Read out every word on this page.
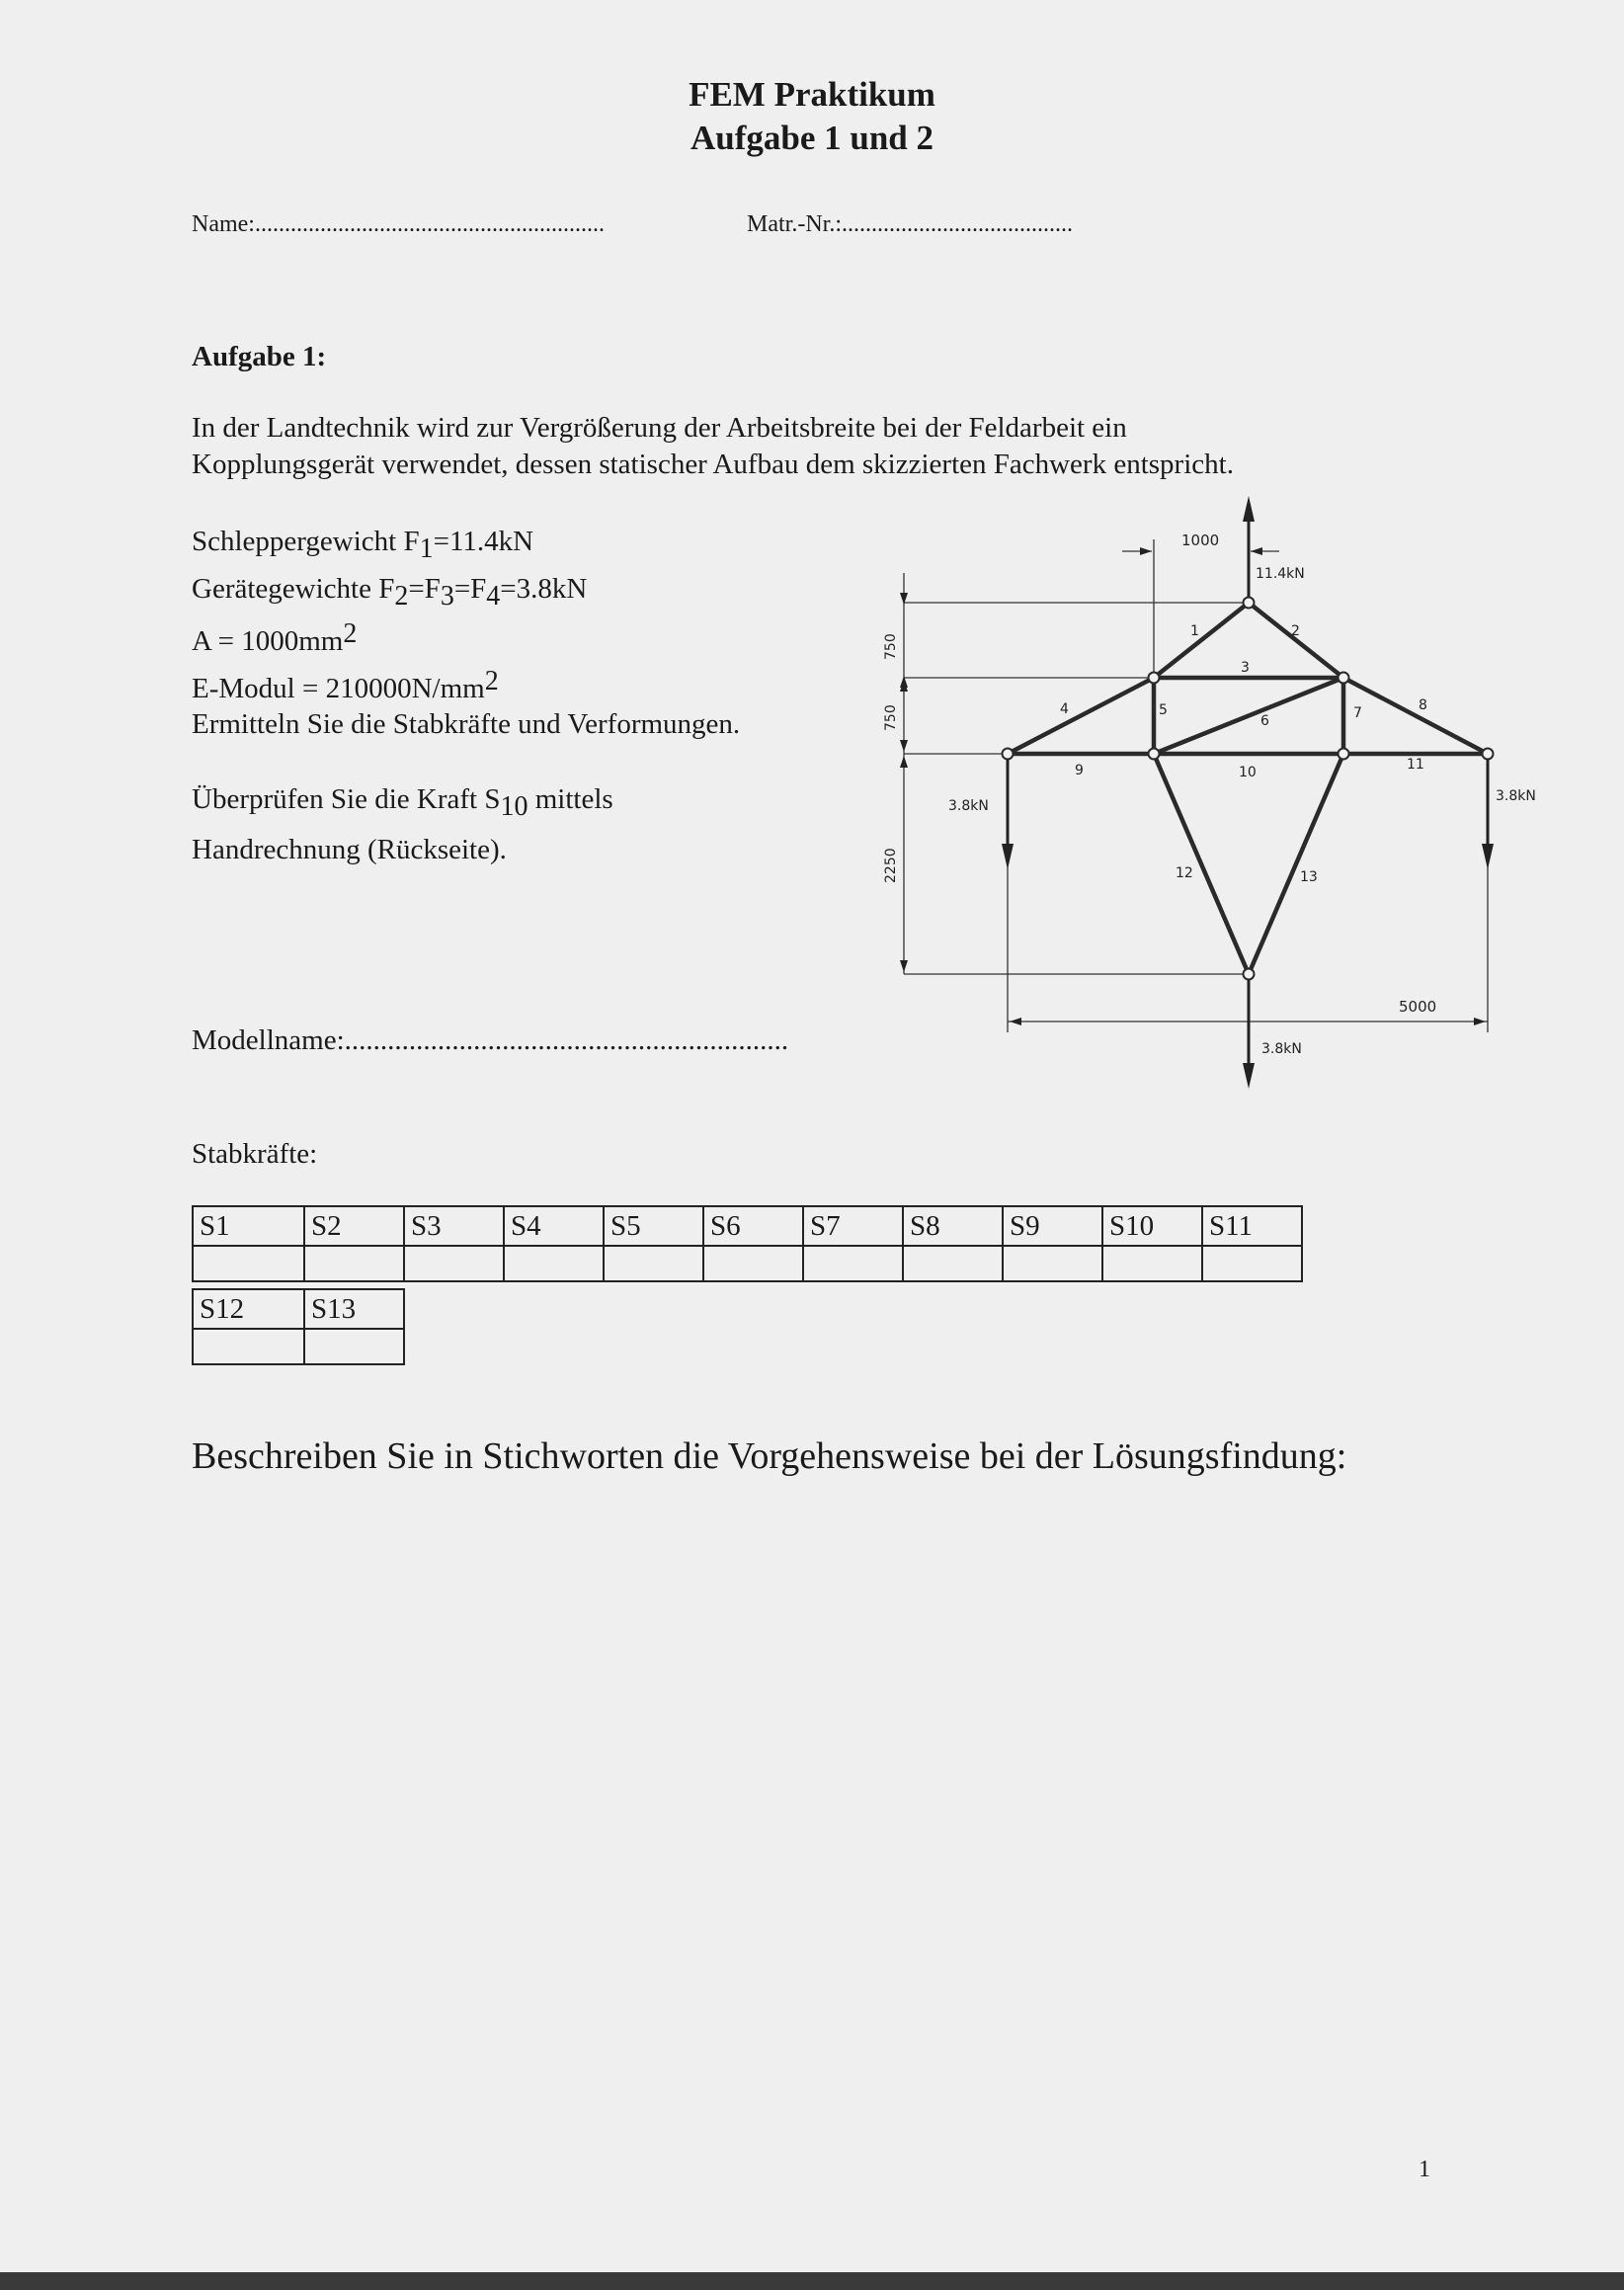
FEM Praktikum
Aufgabe 1 und 2
Name:...........................................................	Matr.-Nr.:.......................................
Aufgabe 1:
In der Landtechnik wird zur Vergrößerung der Arbeitsbreite bei der Feldarbeit ein Kopplungsgerät verwendet, dessen statischer Aufbau dem skizzierten Fachwerk entspricht.
Schleppergewicht $F_1=11.4kN$
Gerätegewichte $F_2=F_3=F_4=3.8kN$
$A = 1000mm^2$
E-Modul = $210000N/mm^2$
Ermitteln Sie die Stabkräfte und Verformungen.
Überprüfen Sie die Kraft $S_{10}$ mittels
Handrechnung (Rückseite).
1000
11.4kN
750
750
2250
5000
3.8kN
3.8kN
3.8kN
1	2
3
4	5
6	7	8
9	10	11
12	13
Modellname:..............................................................
Stabkräfte:
S1	S2	S3	S4	S5	S6	S7	S8	S9	S10	S11

S12	S13

Beschreiben Sie in Stichworten die Vorgehensweise bei der Lösungsfindung:
1
